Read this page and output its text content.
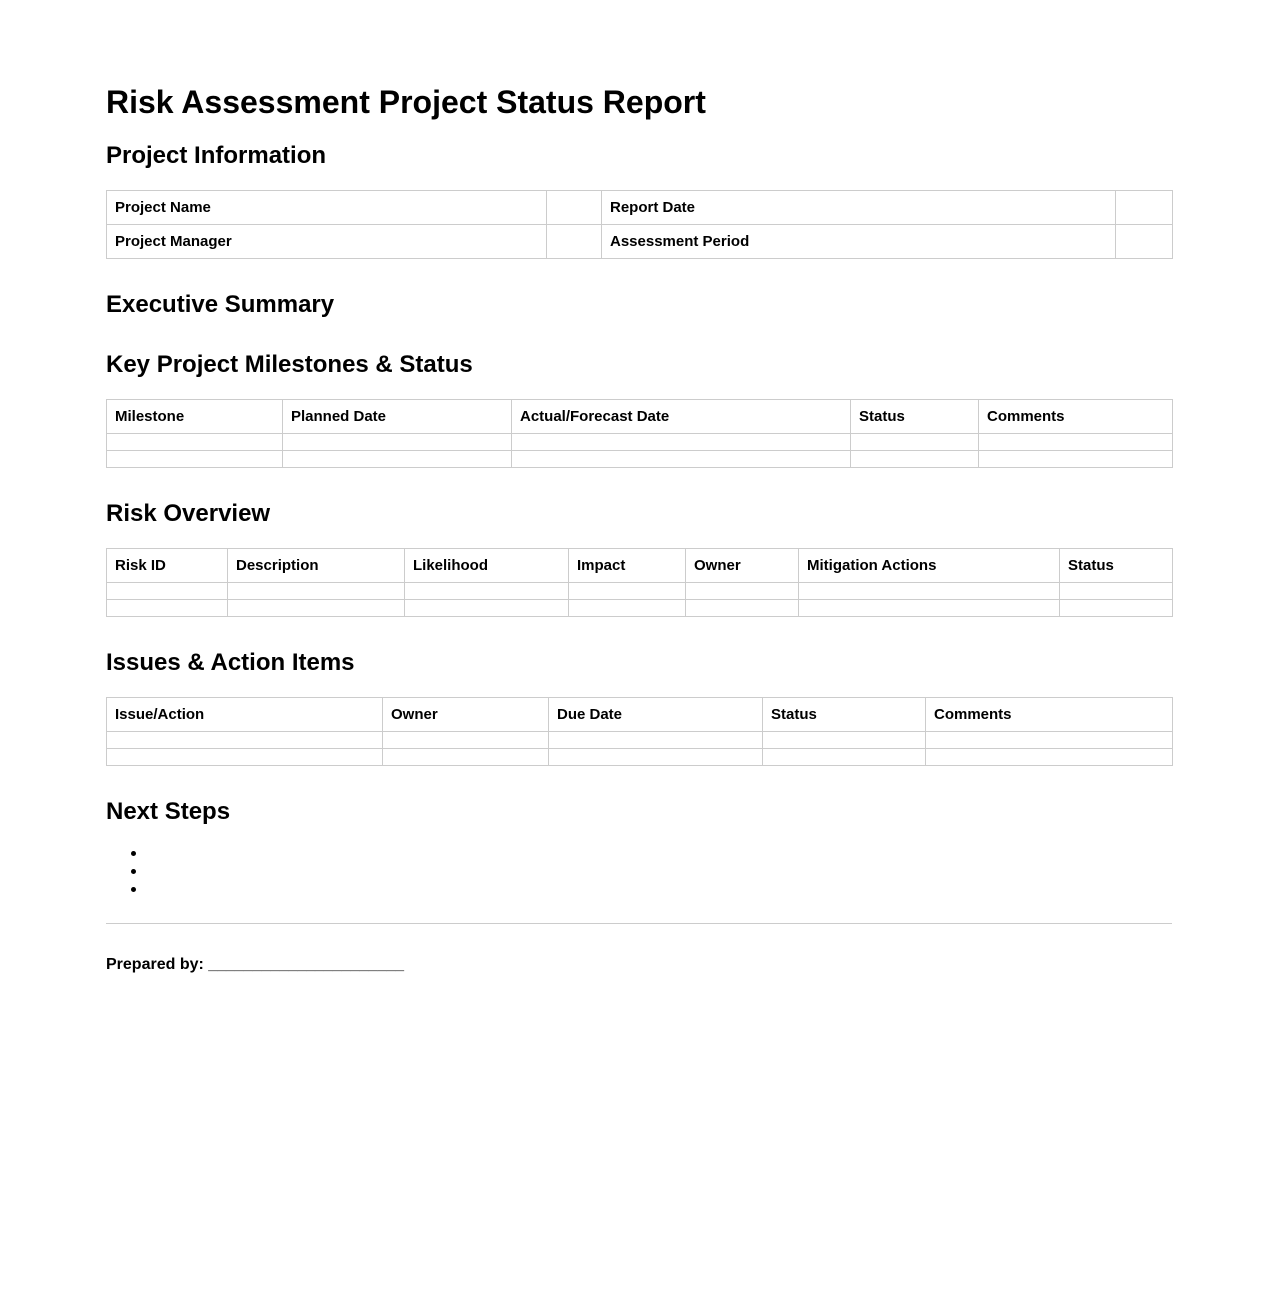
Risk Assessment Project Status Report
Project Information
Project Name		Report Date	
Project Manager		Assessment Period	
Executive Summary
Key Project Milestones & Status
Milestone	Planned Date	Actual/Forecast Date	Status	Comments

Risk Overview
Risk ID	Description	Likelihood	Impact	Owner	Mitigation Actions	Status

Issues & Action Items
Issue/Action	Owner	Due Date	Status	Comments

Next Steps
Prepared by: ______________________
